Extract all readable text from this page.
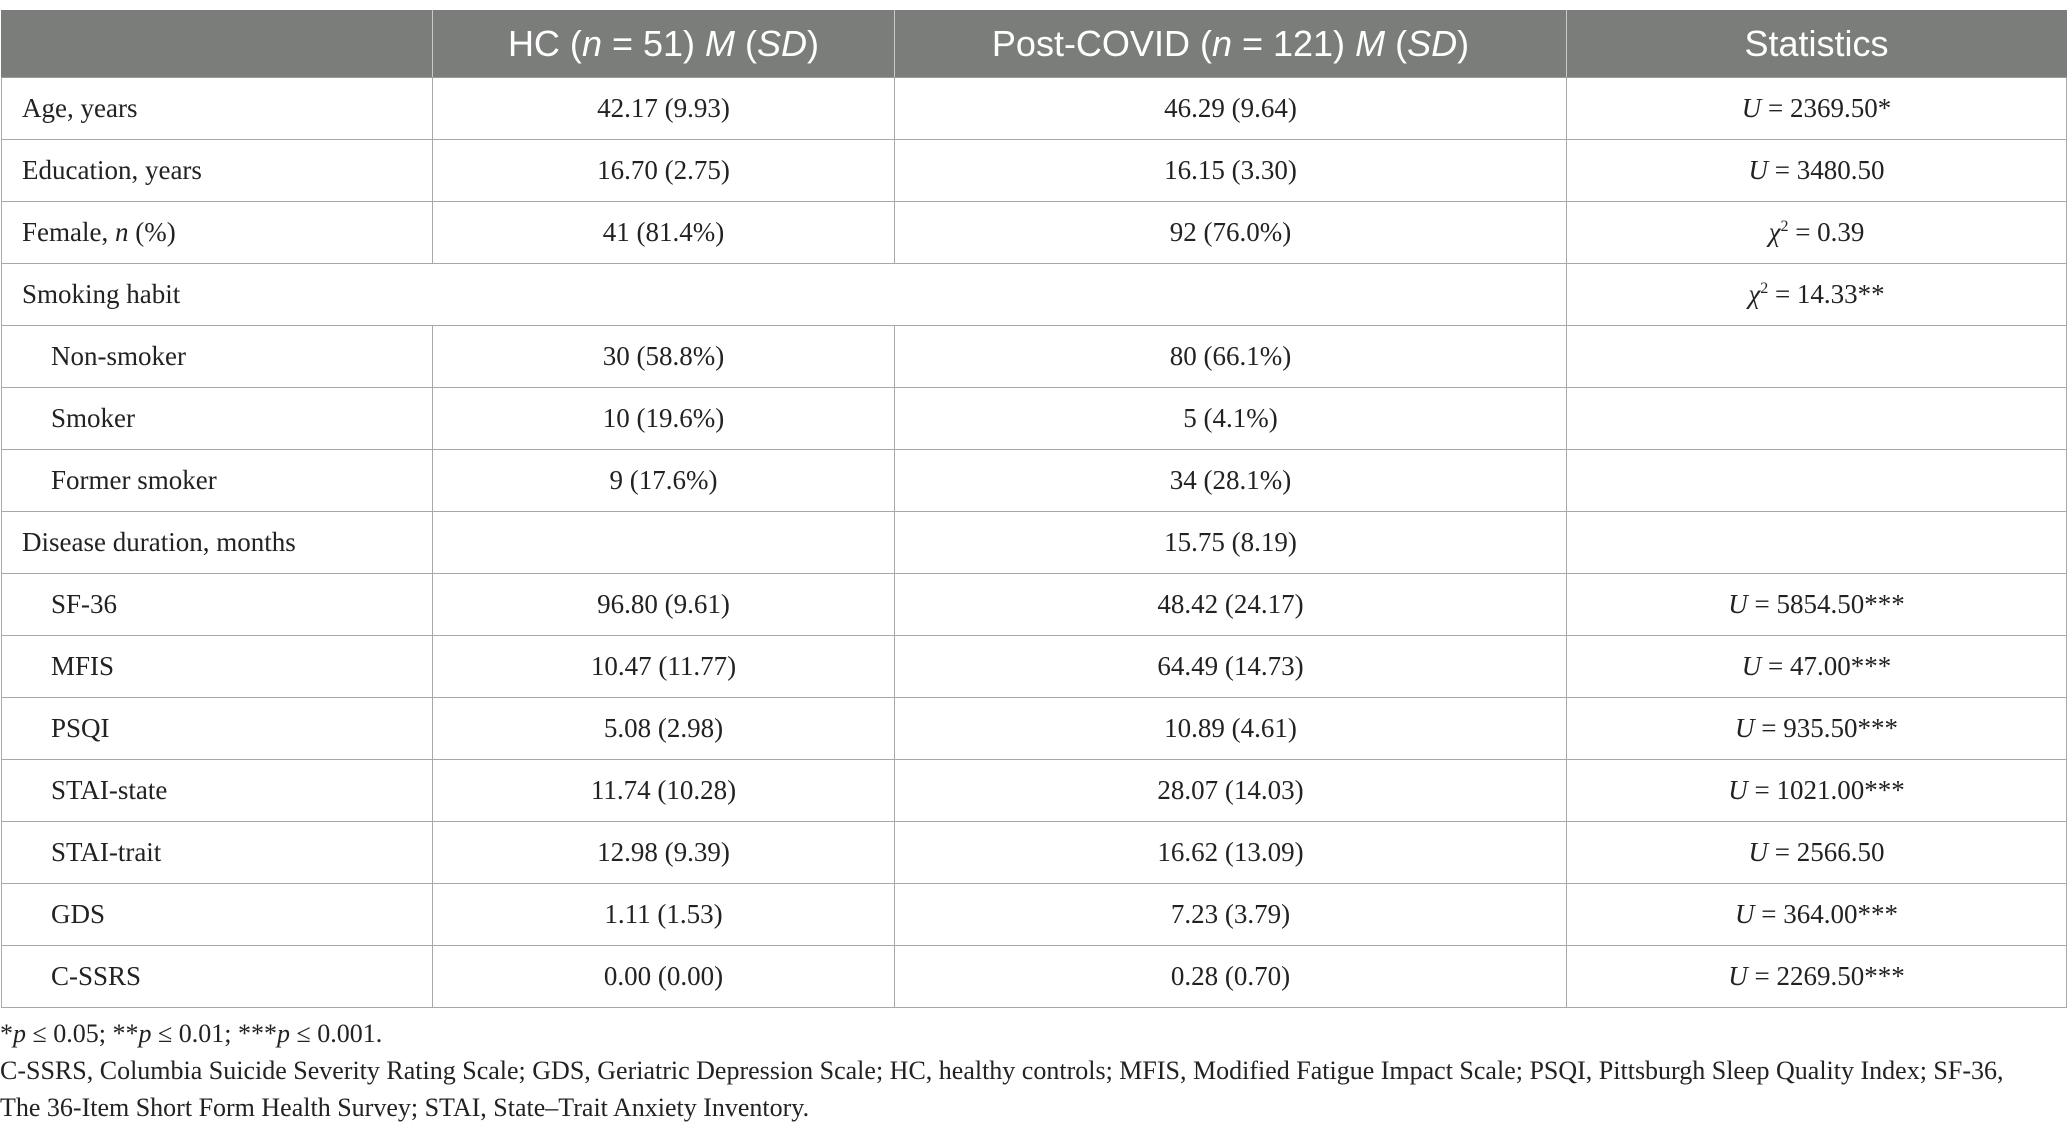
	HC (n = 51) M (SD)	Post-COVID (n = 121) M (SD)	Statistics
Age, years	42.17 (9.93)	46.29 (9.64)	U = 2369.50*
Education, years	16.70 (2.75)	16.15 (3.30)	U = 3480.50
Female, n (%)	41 (81.4%)	92 (76.0%)	$\chi^2 = 0.39$
Smoking habit			$\chi^2 = 14.33**$
Non-smoker	30 (58.8%)	80 (66.1%)	
Smoker	10 (19.6%)	5 (4.1%)	
Former smoker	9 (17.6%)	34 (28.1%)	
Disease duration, months		15.75 (8.19)	
SF-36	96.80 (9.61)	48.42 (24.17)	U = 5854.50***
MFIS	10.47 (11.77)	64.49 (14.73)	U = 47.00***
PSQI	5.08 (2.98)	10.89 (4.61)	U = 935.50***
STAI-state	11.74 (10.28)	28.07 (14.03)	U = 1021.00***
STAI-trait	12.98 (9.39)	16.62 (13.09)	U = 2566.50
GDS	1.11 (1.53)	7.23 (3.79)	U = 364.00***
C-SSRS	0.00 (0.00)	0.28 (0.70)	U = 2269.50***

*p ≤ 0.05; **p ≤ 0.01; ***p ≤ 0.001.

C-SSRS, Columbia Suicide Severity Rating Scale; GDS, Geriatric Depression Scale; HC, healthy controls; MFIS, Modified Fatigue Impact Scale; PSQI, Pittsburgh Sleep Quality Index; SF-36,

The 36-Item Short Form Health Survey; STAI, State–Trait Anxiety Inventory.
